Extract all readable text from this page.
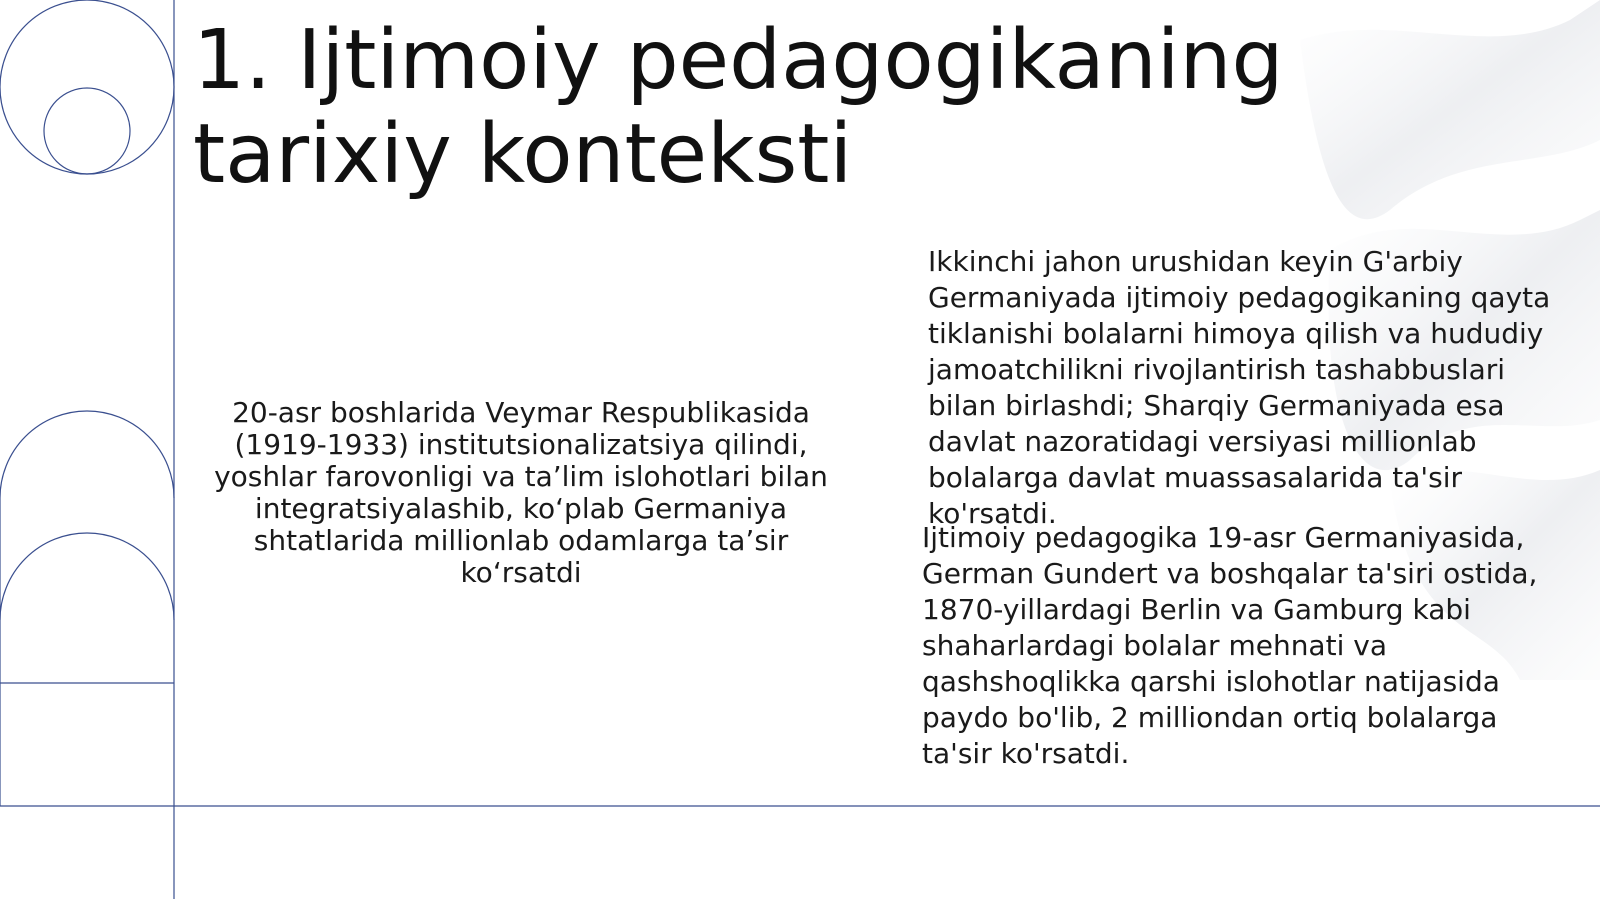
1. Ijtimoiy pedagogikaning
tarixiy konteksti
20-asr boshlarida Veymar Respublikasida (1919-1933) institutsionalizatsiya qilindi, yoshlar farovonligi va ta’lim islohotlari bilan integratsiyalashib, ko‘plab Germaniya shtatlarida millionlab odamlarga ta’sir ko‘rsatdi
Ikkinchi jahon urushidan keyin G'arbiy Germaniyada ijtimoiy pedagogikaning qayta tiklanishi bolalarni himoya qilish va hududiy jamoatchilikni rivojlantirish tashabbuslari bilan birlashdi; Sharqiy Germaniyada esa davlat nazoratidagi versiyasi millionlab bolalarga davlat muassasalarida ta'sir ko'rsatdi.
Ijtimoiy pedagogika 19-asr Germaniyasida, German Gundert va boshqalar ta'siri ostida, 1870-yillardagi Berlin va Gamburg kabi shaharlardagi bolalar mehnati va qashshoqlikka qarshi islohotlar natijasida paydo bo'lib, 2 milliondan ortiq bolalarga ta'sir ko'rsatdi.
